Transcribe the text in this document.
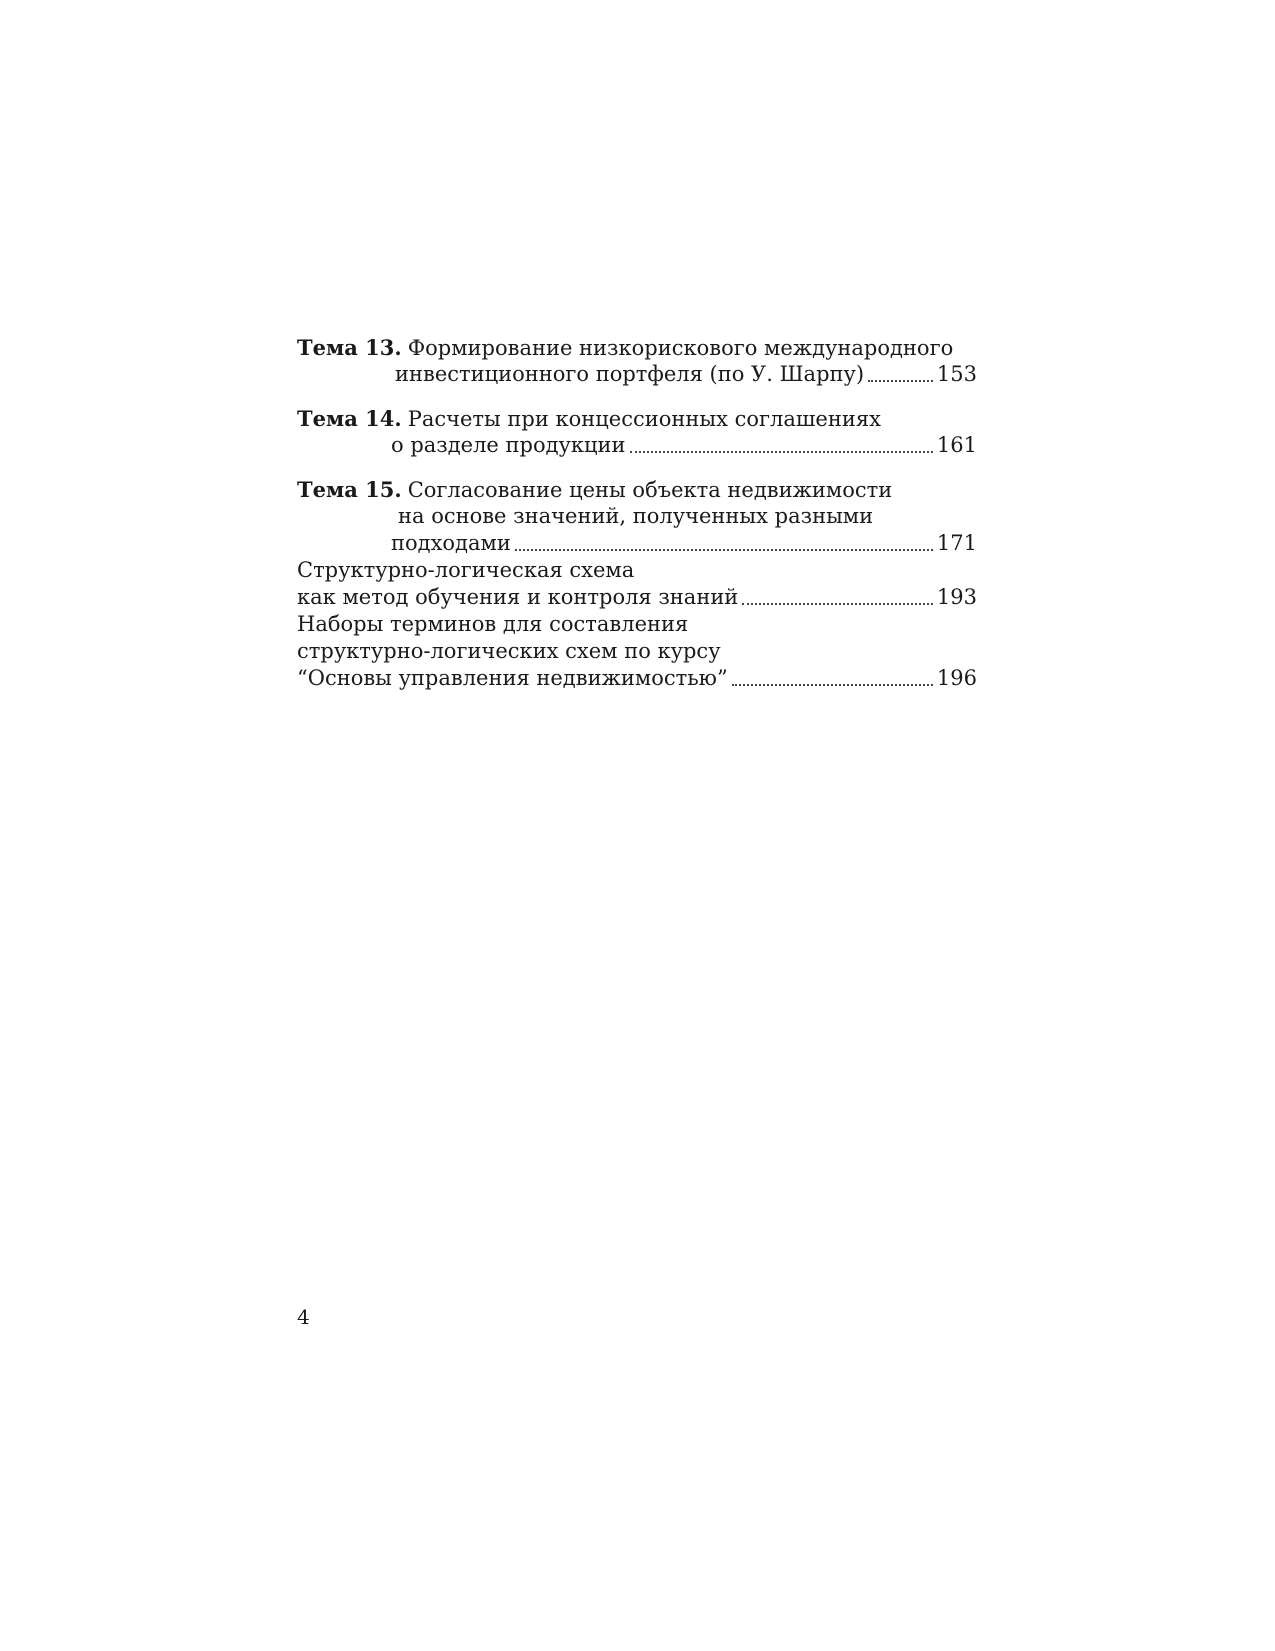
Тема 13. Формирование низкорискового международного
инвестиционного портфеля (по У. Шарпу)	153
Тема 14. Расчеты при концессионных соглашениях
о разделе продукции	161
Тема 15. Согласование цены объекта недвижимости
на основе значений, полученных разными
подходами	171
Структурно-логическая схема
как метод обучения и контроля знаний	193
Наборы терминов для составления
структурно-логических схем по курсу
“Основы управления недвижимостью”	196
4
